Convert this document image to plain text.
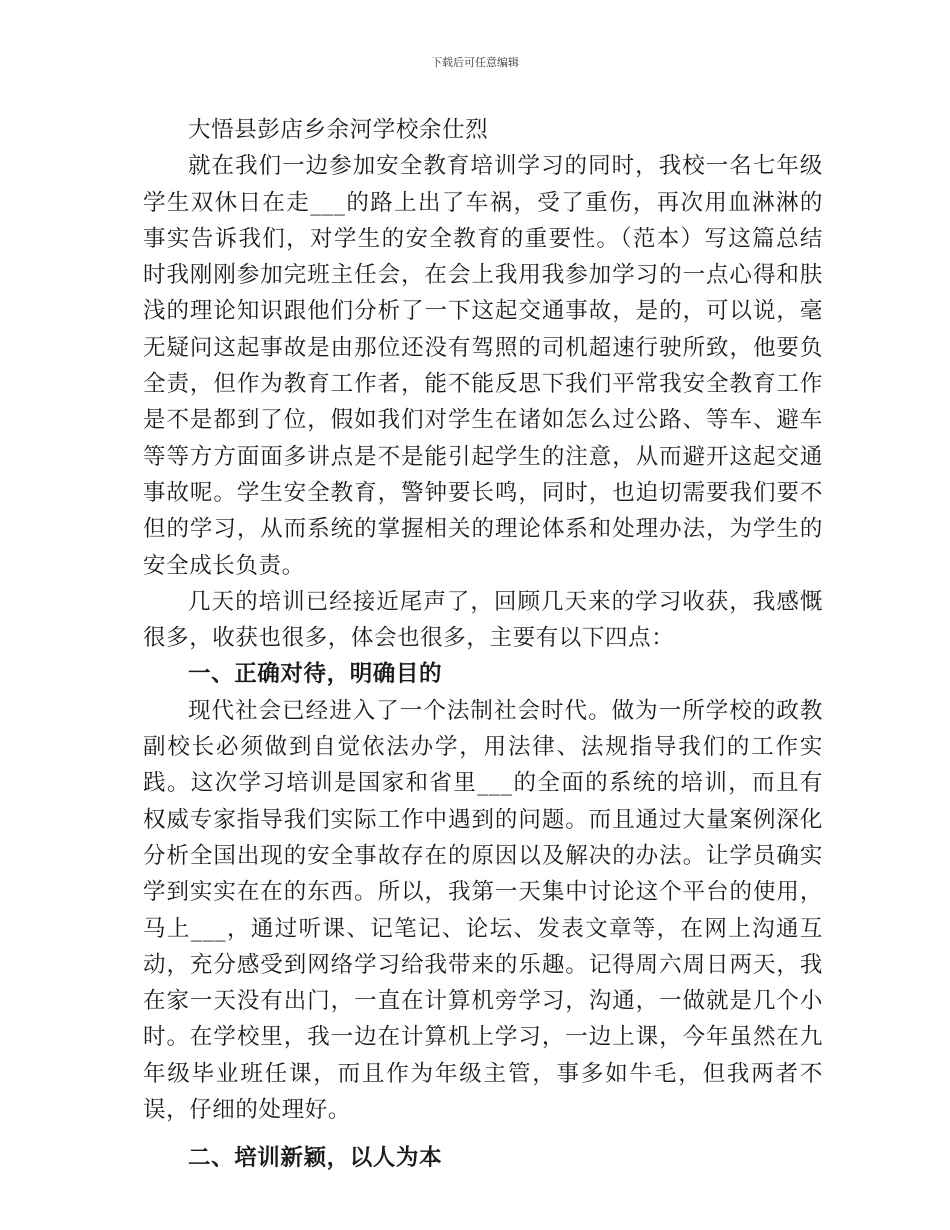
下载后可任意编辑

大悟县彭店乡余河学校余仕烈

就在我们一边参加安全教育培训学习的同时，我校一名七年级学生双休日在走___的路上出了车祸，受了重伤，再次用血淋淋的事实告诉我们，对学生的安全教育的重要性。（范本）写这篇总结时我刚刚参加完班主任会，在会上我用我参加学习的一点心得和肤浅的理论知识跟他们分析了一下这起交通事故，是的，可以说，毫无疑问这起事故是由那位还没有驾照的司机超速行驶所致，他要负全责，但作为教育工作者，能不能反思下我们平常我安全教育工作是不是都到了位，假如我们对学生在诸如怎么过公路、等车、避车等等方方面面多讲点是不是能引起学生的注意，从而避开这起交通事故呢。学生安全教育，警钟要长鸣，同时，也迫切需要我们要不但的学习，从而系统的掌握相关的理论体系和处理办法，为学生的安全成长负责。

几天的培训已经接近尾声了，回顾几天来的学习收获，我感慨很多，收获也很多，体会也很多，主要有以下四点：

一、正确对待，明确目的

现代社会已经进入了一个法制社会时代。做为一所学校的政教副校长必须做到自觉依法办学，用法律、法规指导我们的工作实践。这次学习培训是国家和省里___的全面的系统的培训，而且有权威专家指导我们实际工作中遇到的问题。而且通过大量案例深化分析全国出现的安全事故存在的原因以及解决的办法。让学员确实学到实实在在的东西。所以，我第一天集中讨论这个平台的使用，马上___，通过听课、记笔记、论坛、发表文章等，在网上沟通互动，充分感受到网络学习给我带来的乐趣。记得周六周日两天，我在家一天没有出门，一直在计算机旁学习，沟通，一做就是几个小时。在学校里，我一边在计算机上学习，一边上课，今年虽然在九年级毕业班任课，而且作为年级主管，事多如牛毛，但我两者不误，仔细的处理好。

二、培训新颖，以人为本
